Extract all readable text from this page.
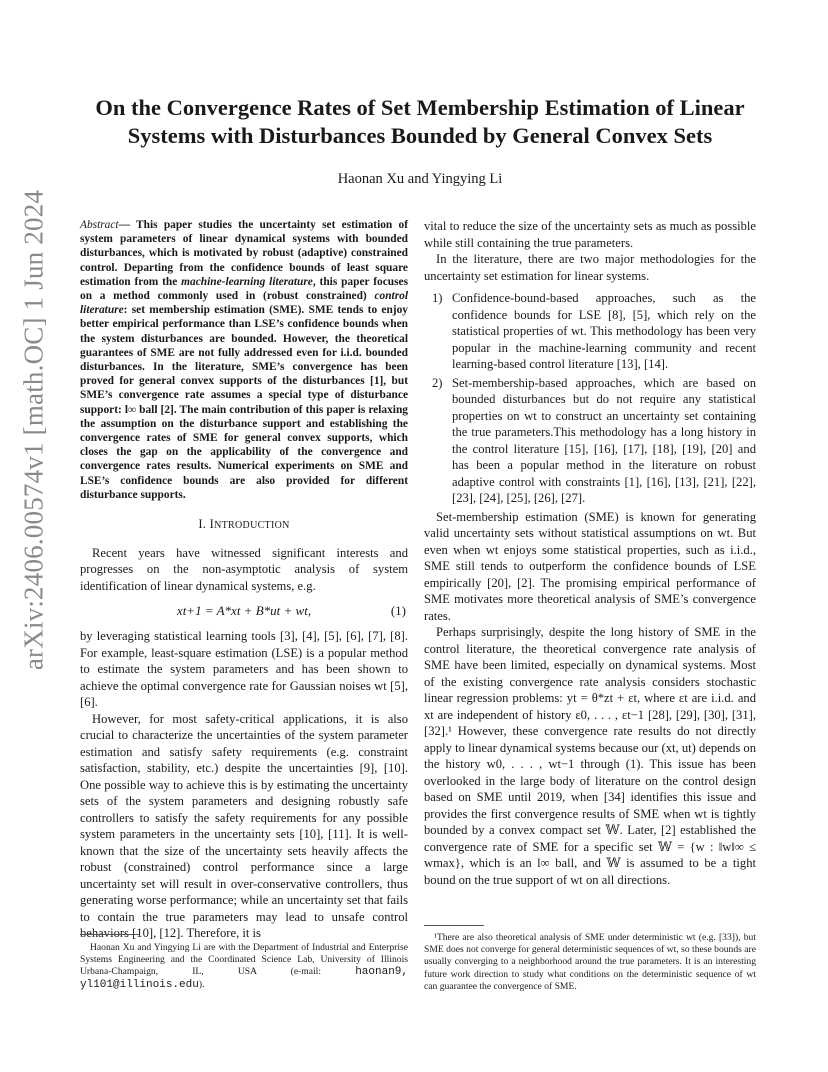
arXiv:2406.00574v1 [math.OC] 1 Jun 2024
On the Convergence Rates of Set Membership Estimation of Linear Systems with Disturbances Bounded by General Convex Sets
Haonan Xu and Yingying Li

Abstract— This paper studies the uncertainty set estimation of system parameters of linear dynamical systems with bounded disturbances, which is motivated by robust (adaptive) constrained control. Departing from the confidence bounds of least square estimation from the machine-learning literature, this paper focuses on a method commonly used in (robust constrained) control literature: set membership estimation (SME). SME tends to enjoy better empirical performance than LSE’s confidence bounds when the system disturbances are bounded. However, the theoretical guarantees of SME are not fully addressed even for i.i.d. bounded disturbances. In the literature, SME’s convergence has been proved for general convex supports of the disturbances [1], but SME’s convergence rate assumes a special type of disturbance support: l∞ ball [2]. The main contribution of this paper is relaxing the assumption on the disturbance support and establishing the convergence rates of SME for general convex supports, which closes the gap on the applicability of the convergence and convergence rates results. Numerical experiments on SME and LSE’s confidence bounds are also provided for different disturbance supports.

I. INTRODUCTION

Recent years have witnessed significant interests and progresses on the non-asymptotic analysis of system identification of linear dynamical systems, e.g.

xt+1 = A*xt + B*ut + wt,	(1)

by leveraging statistical learning tools [3], [4], [5], [6], [7], [8]. For example, least-square estimation (LSE) is a popular method to estimate the system parameters and has been shown to achieve the optimal convergence rate for Gaussian noises wt [5], [6].

However, for most safety-critical applications, it is also crucial to characterize the uncertainties of the system parameter estimation and satisfy safety requirements (e.g. constraint satisfaction, stability, etc.) despite the uncertainties [9], [10]. One possible way to achieve this is by estimating the uncertainty sets of the system parameters and designing robustly safe controllers to satisfy the safety requirements for any possible system parameters in the uncertainty sets [10], [11]. It is well-known that the size of the uncertainty sets heavily affects the robust (constrained) control performance since a large uncertainty set will result in over-conservative controllers, thus generating worse performance; while an uncertainty set that fails to contain the true parameters may lead to unsafe control behaviors [10], [12]. Therefore, it is

vital to reduce the size of the uncertainty sets as much as possible while still containing the true parameters.

In the literature, there are two major methodologies for the uncertainty set estimation for linear systems.

1) Confidence-bound-based approaches, such as the confidence bounds for LSE [8], [5], which rely on the statistical properties of wt. This methodology has been very popular in the machine-learning community and recent learning-based control literature [13], [14].
2) Set-membership-based approaches, which are based on bounded disturbances but do not require any statistical properties on wt to construct an uncertainty set containing the true parameters.This methodology has a long history in the control literature [15], [16], [17], [18], [19], [20] and has been a popular method in the literature on robust adaptive control with constraints [1], [16], [13], [21], [22], [23], [24], [25], [26], [27].

Set-membership estimation (SME) is known for generating valid uncertainty sets without statistical assumptions on wt. But even when wt enjoys some statistical properties, such as i.i.d., SME still tends to outperform the confidence bounds of LSE empirically [20], [2]. The promising empirical performance of SME motivates more theoretical analysis of SME’s convergence rates.

Perhaps surprisingly, despite the long history of SME in the control literature, the theoretical convergence rate analysis of SME have been limited, especially on dynamical systems. Most of the existing convergence rate analysis considers stochastic linear regression problems: yt = θ*zt + εt, where εt are i.i.d. and xt are independent of history ε0, . . . , εt−1 [28], [29], [30], [31], [32].¹ However, these convergence rate results do not directly apply to linear dynamical systems because our (xt, ut) depends on the history w0, . . . , wt−1 through (1). This issue has been overlooked in the large body of literature on the control design based on SME until 2019, when [34] identifies this issue and provides the first convergence results of SME when wt is tightly bounded by a convex compact set 𝕎. Later, [2] established the convergence rate of SME for a specific set 𝕎 = {w : ‖w‖∞ ≤ wmax}, which is an l∞ ball, and 𝕎 is assumed to be a tight bound on the true support of wt on all directions.

Haonan Xu and Yingying Li are with the Department of Industrial and Enterprise Systems Engineering and the Coordinated Science Lab, University of Illinois Urbana-Champaign, IL, USA (e-mail: haonan9, yl101@illinois.edu).
¹There are also theoretical analysis of SME under deterministic wt (e.g. [33]), but SME does not converge for general deterministic sequences of wt, so these bounds are usually converging to a neighborhood around the true parameters. It is an interesting future work direction to study what conditions on the deterministic sequence of wt can guarantee the convergence of SME.
